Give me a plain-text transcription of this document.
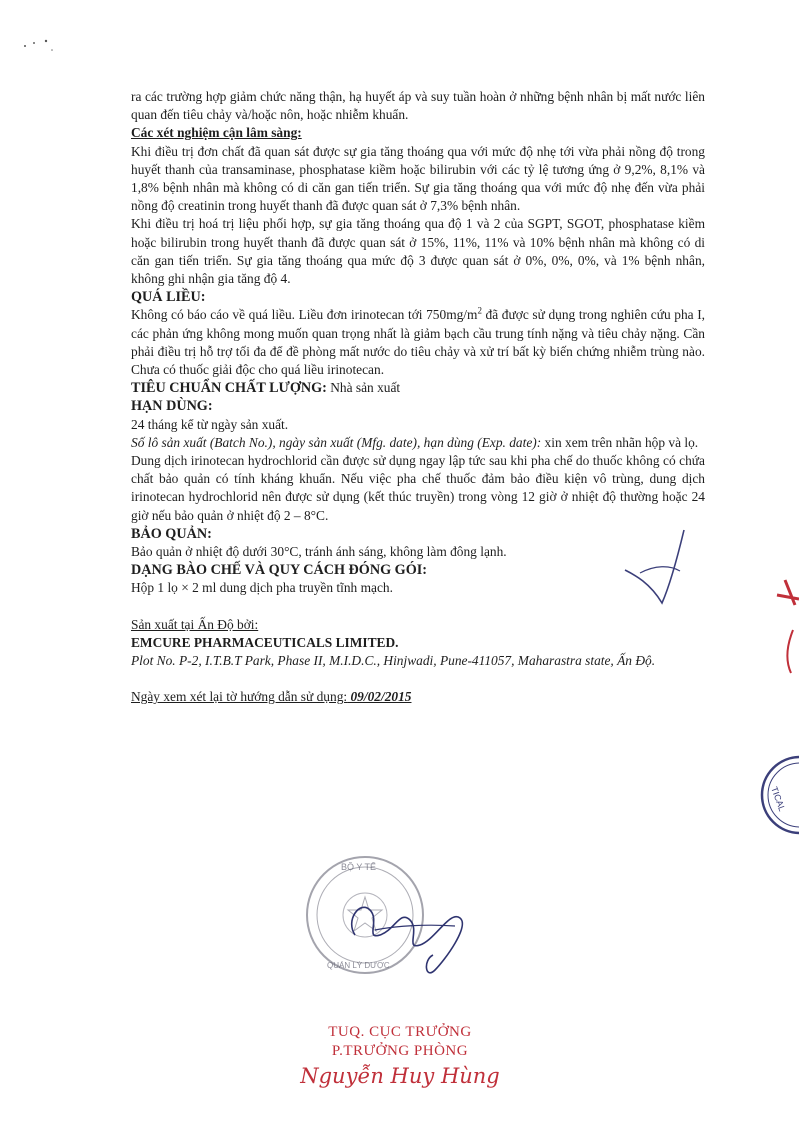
ra các trường hợp giảm chức năng thận, hạ huyết áp và suy tuần hoàn ở những bệnh nhân bị mất nước liên quan đến tiêu chảy và/hoặc nôn, hoặc nhiễm khuẩn.

Các xét nghiệm cận lâm sàng:

Khi điều trị đơn chất đã quan sát được sự gia tăng thoáng qua với mức độ nhẹ tới vừa phải nồng độ trong huyết thanh của transaminase, phosphatase kiềm hoặc bilirubin với các tỷ lệ tương ứng ở 9,2%, 8,1% và 1,8% bệnh nhân mà không có di căn gan tiến triển. Sự gia tăng thoáng qua với mức độ nhẹ đến vừa phải nồng độ creatinin trong huyết thanh đã được quan sát ở 7,3% bệnh nhân.

Khi điều trị hoá trị liệu phối hợp, sự gia tăng thoáng qua độ 1 và 2 của SGPT, SGOT, phosphatase kiềm hoặc bilirubin trong huyết thanh đã được quan sát ở 15%, 11%, 11% và 10% bệnh nhân mà không có di căn gan tiến triển. Sự gia tăng thoáng qua mức độ 3 được quan sát ở 0%, 0%, 0%, và 1% bệnh nhân, không ghi nhận gia tăng độ 4.

QUÁ LIỀU:

Không có báo cáo về quá liều. Liều đơn irinotecan tới $750mg/m^2$ đã được sử dụng trong nghiên cứu pha I, các phản ứng không mong muốn quan trọng nhất là giảm bạch cầu trung tính nặng và tiêu chảy nặng. Cần phải điều trị hỗ trợ tối đa để đề phòng mất nước do tiêu chảy và xử trí bất kỳ biến chứng nhiễm trùng nào. Chưa có thuốc giải độc cho quá liều irinotecan.

TIÊU CHUẨN CHẤT LƯỢNG: Nhà sản xuất

HẠN DÙNG:

24 tháng kể từ ngày sản xuất.

Số lô sản xuất (Batch No.), ngày sản xuất (Mfg. date), hạn dùng (Exp. date): xin xem trên nhãn hộp và lọ.

Dung dịch irinotecan hydrochlorid cần được sử dụng ngay lập tức sau khi pha chế do thuốc không có chứa chất bảo quản có tính kháng khuẩn. Nếu việc pha chế thuốc đảm bảo điều kiện vô trùng, dung dịch irinotecan hydrochlorid nên được sử dụng (kết thúc truyền) trong vòng 12 giờ ở nhiệt độ thường hoặc 24 giờ nếu bảo quản ở nhiệt độ 2 – 8°C.

BẢO QUẢN:

Bảo quản ở nhiệt độ dưới 30°C, tránh ánh sáng, không làm đông lạnh.

DẠNG BÀO CHẾ VÀ QUY CÁCH ĐÓNG GÓI:

Hộp 1 lọ × 2 ml dung dịch pha truyền tĩnh mạch.

Sản xuất tại Ấn Độ bởi:

EMCURE PHARMACEUTICALS LIMITED.

Plot No. P-2, I.T.B.T Park, Phase II, M.I.D.C., Hinjwadi, Pune-411057, Maharastra state, Ấn Độ.

Ngày xem xét lại tờ hướng dẫn sử dụng: 09/02/2015

TICAL
BỘ Y TẾ
QUẢN LÝ DƯỢC
TUQ. CỤC TRƯỞNG
P.TRƯỞNG PHÒNG
Nguyễn Huy Hùng
